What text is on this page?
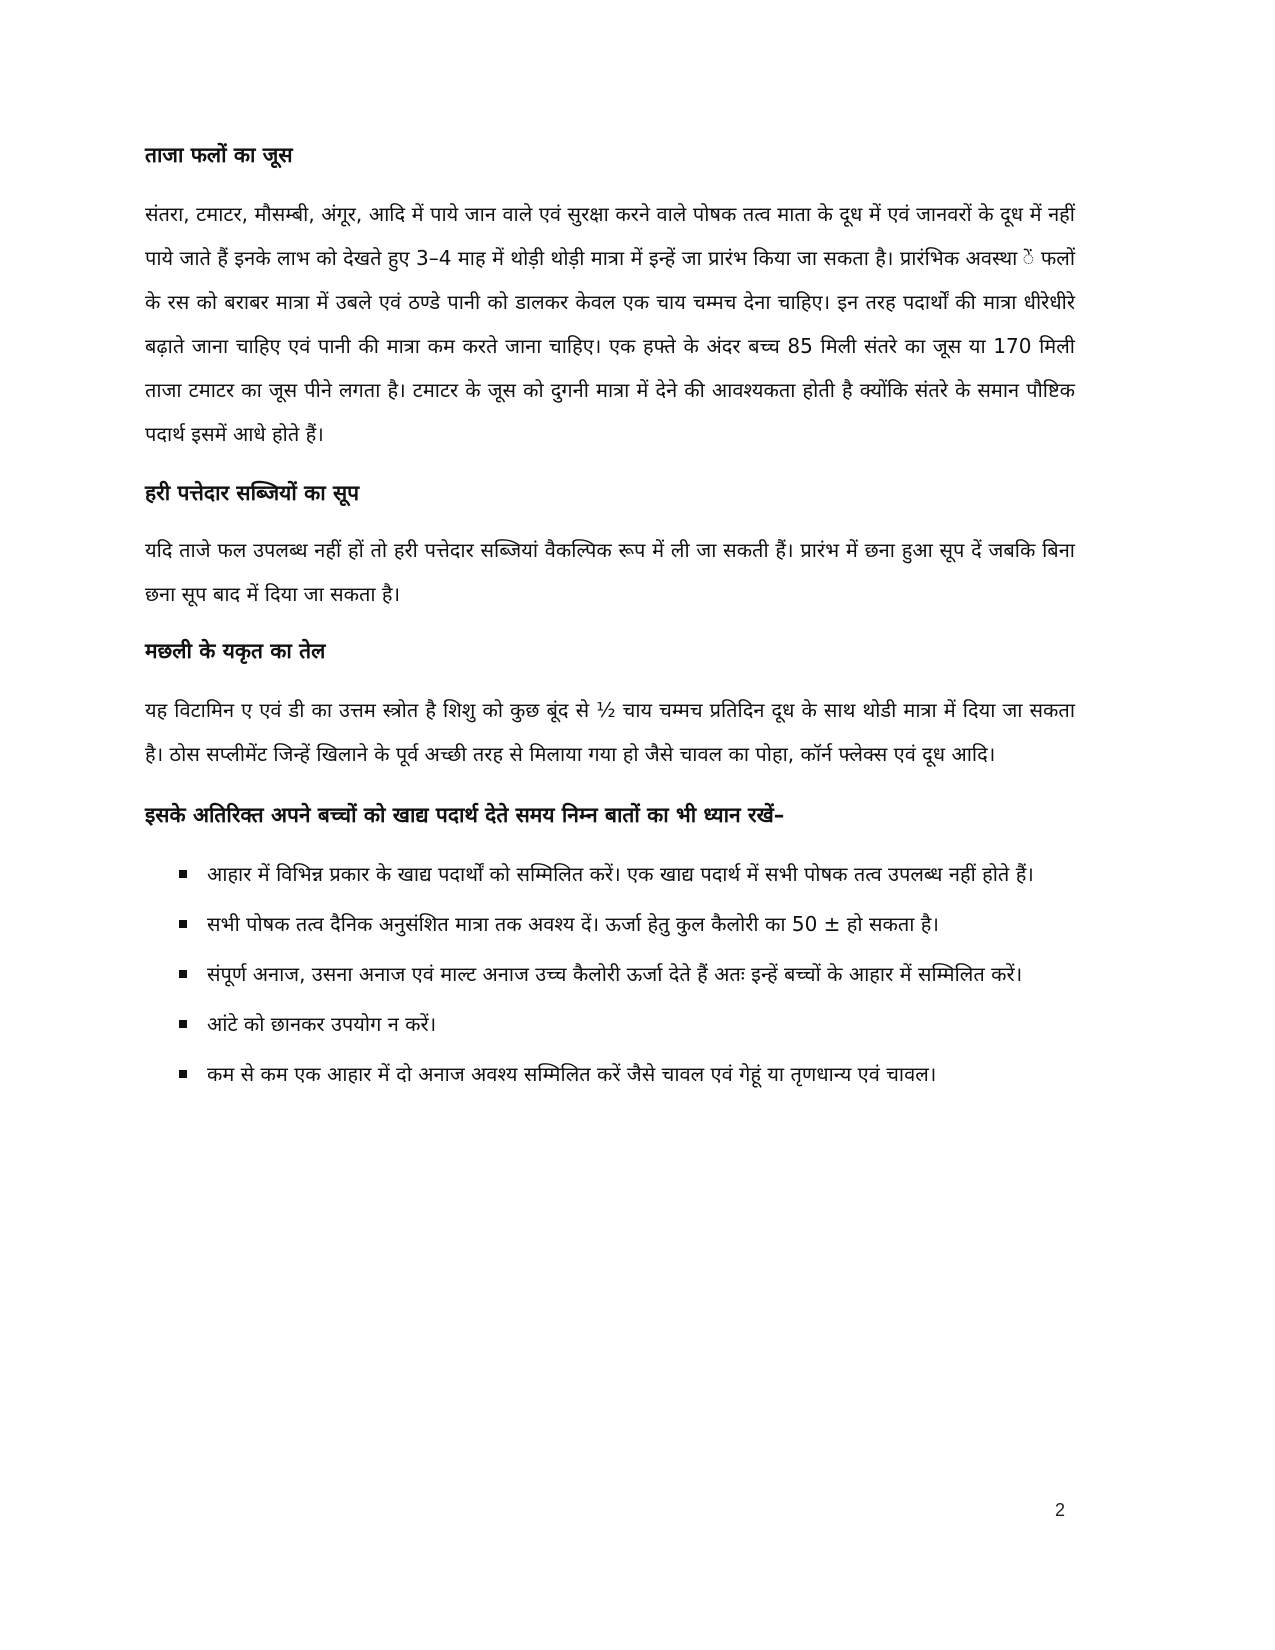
ताजा फलों का जूस

संतरा, टमाटर, मौसम्बी, अंगूर, आदि में पाये जान वाले एवं सुरक्षा करने वाले पोषक तत्व माता के दूध में एवं जानवरों के दूध में नहीं पाये जाते हैं इनके लाभ को देखते हुए 3–4 माह में थोड़ी थोड़ी मात्रा में इन्हें जा प्रारंभ किया जा सकता है। प्रारंभिक अवस्था ें फलों के रस को बराबर मात्रा में उबले एवं ठण्डे पानी को डालकर केवल एक चाय चम्मच देना चाहिए। इन तरह पदार्थों की मात्रा धीरेधीरे बढ़ाते जाना चाहिए एवं पानी की मात्रा कम करते जाना चाहिए। एक हफ्ते के अंदर बच्च 85 मिली संतरे का जूस या 170 मिली ताजा टमाटर का जूस पीने लगता है। टमाटर के जूस को दुगनी मात्रा में देने की आवश्यकता होती है क्योंकि संतरे के समान पौष्टिक पदार्थ इसमें आधे होते हैं।

हरी पत्तेदार सब्जियों का सूप

यदि ताजे फल उपलब्ध नहीं हों तो हरी पत्तेदार सब्जियां वैकल्पिक रूप में ली जा सकती हैं। प्रारंभ में छना हुआ सूप दें जबकि बिना छना सूप बाद में दिया जा सकता है।

मछली के यकृत का तेल

यह विटामिन ए एवं डी का उत्तम स्त्रोत है शिशु को कुछ बूंद से ½ चाय चम्मच प्रतिदिन दूध के साथ थोडी मात्रा में दिया जा सकता है। ठोस सप्लीमेंट जिन्हें खिलाने के पूर्व अच्छी तरह से मिलाया गया हो जैसे चावल का पोहा, कॉर्न फ्लेक्स एवं दूध आदि।

इसके अतिरिक्त अपने बच्चों को खाद्य पदार्थ देते समय निम्न बातों का भी ध्यान रखें–
आहार में विभिन्न प्रकार के खाद्य पदार्थों को सम्मिलित करें। एक खाद्य पदार्थ में सभी पोषक तत्व उपलब्ध नहीं होते हैं।
सभी पोषक तत्व दैनिक अनुसंशित मात्रा तक अवश्य दें। ऊर्जा हेतु कुल कैलोरी का 50 ± हो सकता है।
संपूर्ण अनाज, उसना अनाज एवं माल्ट अनाज उच्च कैलोरी ऊर्जा देते हैं अतः इन्हें बच्चों के आहार में सम्मिलित करें।
आंटे को छानकर उपयोग न करें।
कम से कम एक आहार में दो अनाज अवश्य सम्मिलित करें जैसे चावल एवं गेहूं या तृणधान्य एवं चावल।
2
